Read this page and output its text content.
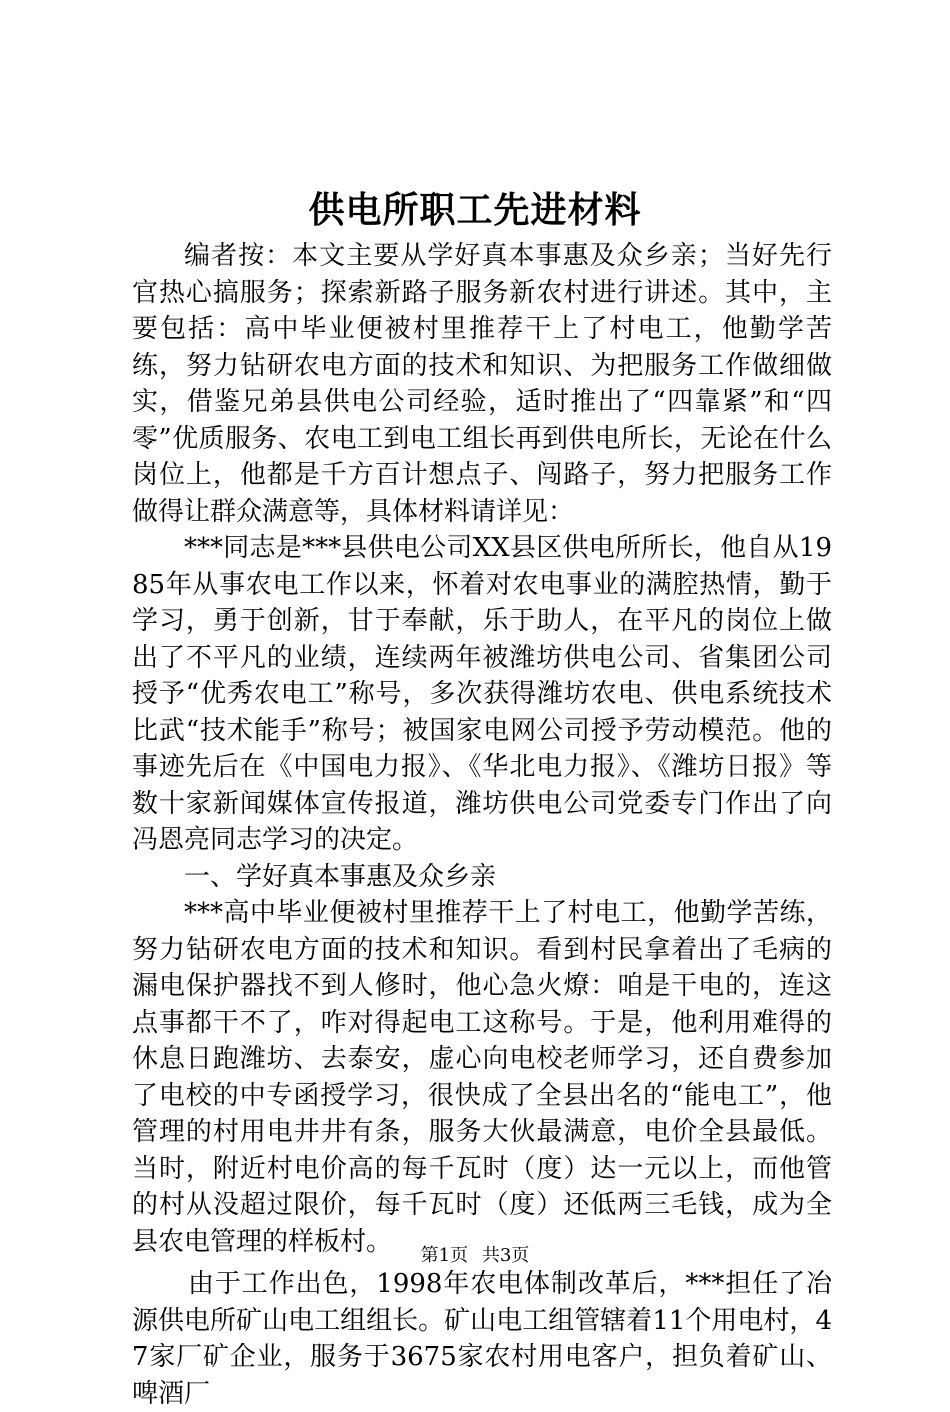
供电所职工先进材料

编者按：本文主要从学好真本事惠及众乡亲；当好先行官热心搞服务；探索新路子服务新农村进行讲述。其中，主要包括：高中毕业便被村里推荐干上了村电工，他勤学苦练，努力钻研农电方面的技术和知识、为把服务工作做细做实，借鉴兄弟县供电公司经验，适时推出了“四靠紧”和“四零”优质服务、农电工到电工组长再到供电所长，无论在什么岗位上，他都是千方百计想点子、闯路子，努力把服务工作做得让群众满意等，具体材料请详见：

***同志是***县供电公司XX县区供电所所长，他自从1985年从事农电工作以来，怀着对农电事业的满腔热情，勤于学习，勇于创新，甘于奉献，乐于助人，在平凡的岗位上做出了不平凡的业绩，连续两年被潍坊供电公司、省集团公司授予“优秀农电工”称号，多次获得潍坊农电、供电系统技术比武“技术能手”称号；被国家电网公司授予劳动模范。他的事迹先后在《中国电力报》、《华北电力报》、《潍坊日报》等数十家新闻媒体宣传报道，潍坊供电公司党委专门作出了向冯恩亮同志学习的决定。

一、学好真本事惠及众乡亲

***高中毕业便被村里推荐干上了村电工，他勤学苦练，努力钻研农电方面的技术和知识。看到村民拿着出了毛病的漏电保护器找不到人修时，他心急火燎：咱是干电的，连这点事都干不了，咋对得起电工这称号。于是，他利用难得的休息日跑潍坊、去泰安，虚心向电校老师学习，还自费参加了电校的中专函授学习，很快成了全县出名的“能电工”，他管理的村用电井井有条，服务大伙最满意，电价全县最低。当时，附近村电价高的每千瓦时（度）达一元以上，而他管的村从没超过限价，每千瓦时（度）还低两三毛钱，成为全县农电管理的样板村。

由于工作出色，1998年农电体制改革后，***担任了冶源供电所矿山电工组组长。矿山电工组管辖着11个用电村，47家厂矿企业，服务于3675家农村用电客户，担负着矿山、啤酒厂

第1页 共3页
